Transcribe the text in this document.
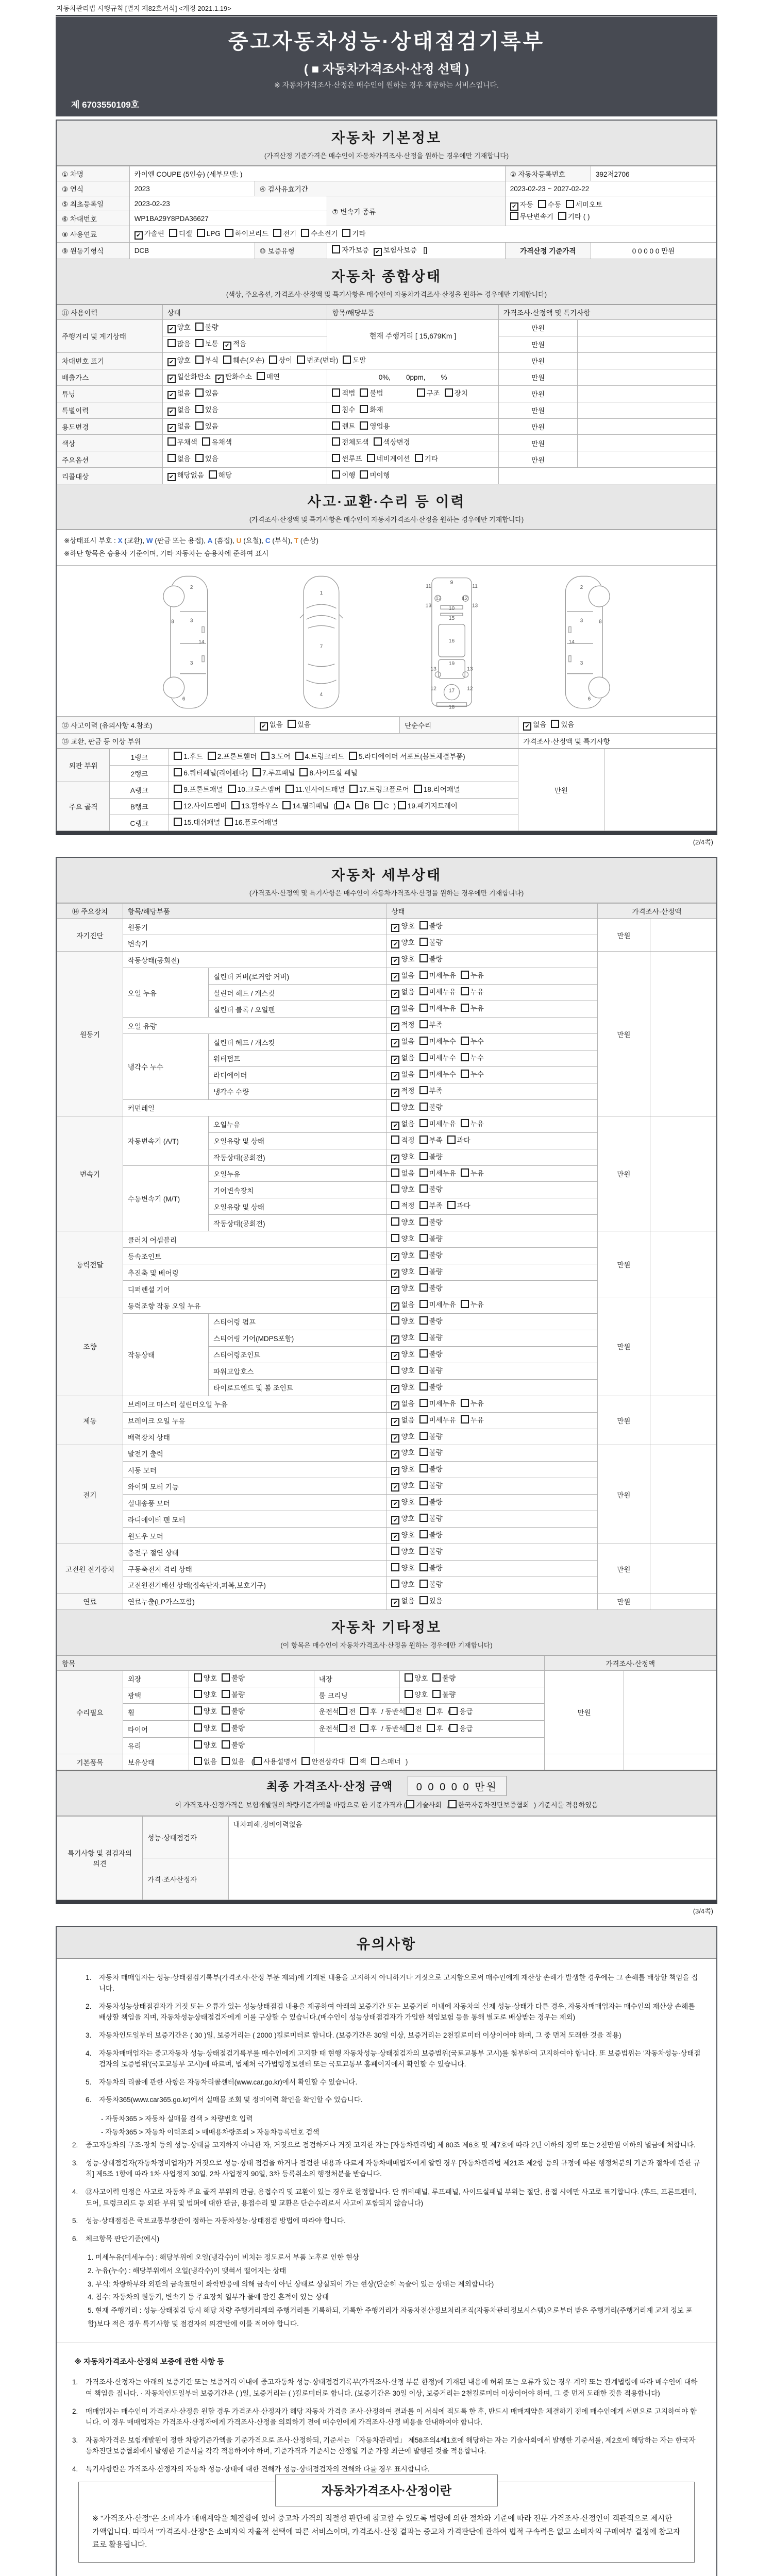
자동차관리법 시행규칙 [별지 제82호서식] <개정 2021.1.19>
중고자동차성능·상태점검기록부
( ■ 자동차가격조사·산정 선택 )
※ 자동차가격조사·산정은 매수인이 원하는 경우 제공하는 서비스입니다.
제 6703550109호
자동차 기본정보
(가격산정 기준가격은 매수인이 자동차가격조사·산정을 원하는 경우에만 기재합니다)
① 차명	카이엔 COUPE (5인승) (세부모델: )			② 자동차등록번호	392저2706
③ 연식	2023	④ 검사유효기간		2023-02-23 ~ 2027-02-22	
⑤ 최초등록일	2023-02-23		⑦ 변속기 종류	✔ 자동 수동 세미오토
무단변속기 기타 ( )	
⑥ 차대번호	WP1BA29Y8PDA36627				
⑧ 사용연료	✔ 가솔린 디젤 LPG 하이브리드 전기 수소전기 기타				
⑨ 원동기형식	DCB	⑩ 보증유형	자가보증 ✔ 보험사보증 []	가격산정 기준가격	0 0 0 0 0 만원
자동차 종합상태
(색상, 주요옵션, 가격조사·산정액 및 특기사항은 매수인이 자동차가격조사·산정을 원하는 경우에만 기재합니다)
⑪ 사용이력	상태	항목/해당부품	가격조사·산정액 및 특기사항	
주행거리 및 계기상태	✔ 양호 불량	현재 주행거리 [ 15,679Km ]	만원	
	많음 보통 ✔ 적음		만원	
차대번호 표기	✔ 양호 부식 훼손(오손) 상이 변조(변타) 도말		만원	
배출가스	✔ 일산화탄소 ✔ 탄화수소 매연	0%,        0ppm,        %	만원	
튜닝	✔ 없음 있음	적법 불법 구조 장치	만원	
특별이력	✔ 없음 있음	침수 화재	만원	
용도변경	✔ 없음 있음	렌트 영업용	만원	
색상	무채색 유채색	전체도색 색상변경	만원	
주요옵션	없음 있음	썬루프 네비게이션 기타	만원	
리콜대상	✔ 해당없음 해당	이행 미이행		
사고·교환·수리 등 이력
(가격조사·산정액 및 특기사항은 매수인이 자동차가격조사·산정을 원하는 경우에만 기재합니다)
※상태표시 부호 : X (교환), W (판금 또는 용접), A (흠집), U (요철), C (부식), T (손상)
※하단 항목은 승용차 기준이며, 기타 자동차는 승용차에 준하여 표시
2
8 3
14
3
6
1
7
4
9
11	11
12 12
13	13
10
15
16
19
13	13
12	12
17
18
2
8
3
14
3
6
⑫ 사고이력 (유의사항 4.참조)	✔ 없음 있음	단순수리	✔ 없음 있음
⑬ 교환, 판금 등 이상 부위			가격조사·산정액 및 특기사항
외판 부위	1랭크	1.후드 2.프론트휀더 3.도어 4.트렁크리드 5.라디에이터 서포트(볼트체결부품)	만원	
	2랭크	6.쿼터패널(리어휀다) 7.루프패널 8.사이드실 패널		
주요 골격	A랭크	9.프론트패널 10.크로스멤버 11.인사이드패널 17.트렁크플로어 18.리어패널		
	B랭크	12.사이드멤버 13.휠하우스 14.필러패널 ( A B C ) 19.패키지트레이		
	C랭크	15.대쉬패널 16.플로어패널		
(2/4쪽)
자동차 세부상태
(가격조사·산정액 및 특기사항은 매수인이 자동차가격조사·산정을 원하는 경우에만 기재합니다)
⑭ 주요장치	항목/해당부품		상태	가격조사·산정액	
자기진단	원동기		✔ 양호 불량	만원	
	변속기		✔ 양호 불량		
원동기	작동상태(공회전)		✔ 양호 불량	만원	
	오일 누유	실린더 커버(로커암 커버)	✔ 없음 미세누유 누유		
		실린더 헤드 / 개스킷	✔ 없음 미세누유 누유		
		실린더 블록 / 오일팬	✔ 없음 미세누유 누유		
	오일 유량		✔ 적정 부족		
	냉각수 누수	실린더 헤드 / 개스킷	✔ 없음 미세누수 누수		
		워터펌프	✔ 없음 미세누수 누수		
		라디에이터	✔ 없음 미세누수 누수		
		냉각수 수량	✔ 적정 부족		
	커먼레일		양호 불량		
변속기	자동변속기 (A/T)	오일누유	✔ 없음 미세누유 누유	만원	
		오일유량 및 상태	적정 부족 과다		
		작동상태(공회전)	✔ 양호 불량		
	수동변속기 (M/T)	오일누유	없음 미세누유 누유		
		기어변속장치	양호 불량		
		오일유량 및 상태	적정 부족 과다		
		작동상태(공회전)	양호 불량		
동력전달	클러치 어셈블리		양호 불량	만원	
	등속조인트		✔ 양호 불량		
	추진축 및 베어링		✔ 양호 불량		
	디퍼렌셜 기어		✔ 양호 불량		
조향	동력조향 작동 오일 누유		✔ 없음 미세누유 누유	만원	
	작동상태	스티어링 펌프	양호 불량		
		스티어링 기어(MDPS포함)	✔ 양호 불량		
		스티어링조인트	✔ 양호 불량		
		파워고압호스	양호 불량		
		타이로드엔드 및 볼 조인트	✔ 양호 불량		
제동	브레이크 마스터 실린더오일 누유		✔ 없음 미세누유 누유	만원	
	브레이크 오일 누유		✔ 없음 미세누유 누유		
	배력장치 상태		✔ 양호 불량		
전기	발전기 출력		✔ 양호 불량	만원	
	시동 모터		✔ 양호 불량		
	와이퍼 모터 기능		✔ 양호 불량		
	실내송풍 모터		✔ 양호 불량		
	라디에이터 팬 모터		✔ 양호 불량		
	윈도우 모터		✔ 양호 불량		
고전원 전기장치	충전구 절연 상태		양호 불량	만원	
	구동축전지 격리 상태		양호 불량		
	고전원전기배선 상태(접속단자,피복,보호기구)		양호 불량		
연료	연료누출(LP가스포함)		✔ 없음 있음	만원	
자동차 기타정보
(이 항목은 매수인이 자동차가격조사·산정을 원하는 경우에만 기재합니다)
항목					가격조사·산정액	
수리필요	외장	양호 불량	내장	양호 불량	만원	
	광택	양호 불량	룸 크리닝	양호 불량		
	휠	양호 불량	운전석 전 후 / 동반석 전 후 / 응급			
	타이어	양호 불량	운전석 전 후 / 동반석 전 후 / 응급			
	유리	양호 불량				
기본품목	보유상태	없음 있음 ( 사용설명서 안전삼각대 잭 스패너 )				
최종 가격조사·산정 금액 0 0 0 0 0 만원
이 가격조사·산정가격은 보험개발원의 차량기준가액을 바탕으로 한 기준가격과 ( 기술사회 , 한국자동차진단보증협회 ) 기준서를 적용하였음
특기사항 및 점검자의 의견	성능·상태점검자	내차피해,정비이력없음
	가격·조사산정자	
(3/4쪽)
유의사항
1.	자동차 매매업자는 성능·상태점검기록부(가격조사·산정 부분 제외)에 기재된 내용을 고지하지 아니하거나 거짓으로 고지함으로써 매수인에게 재산상 손해가 발생한 경우에는 그 손해를 배상할 책임을 집니다.
2.	자동차성능상태점검자가 거짓 또는 오류가 있는 성능상태점검 내용을 제공하여 아래의 보증기간 또는 보증거리 이내에 자동차의 실제 성능·상태가 다른 경우, 자동차매매업자는 매수인의 재산상 손해를 배상할 책임을 지며, 자동차성능상태점검자에게 이를 구상할 수 있습니다.(매수인이 성능상태점검자가 가입한 책임보험 등을 통해 별도로 배상받는 경우는 제외)
3.	자동차인도일부터 보증기간은 ( 30 )일, 보증거리는 ( 2000 )킬로미터로 합니다. (보증기간은 30일 이상, 보증거리는 2천킬로미터 이상이어야 하며, 그 중 먼저 도래한 것을 적용)
4.	자동차매매업자는 중고자동차 성능·상태점검기록부를 매수인에게 고지할 때 현행 자동차성능·상태점검자의 보증범위(국토교통부 고시)를 첨부하여 고지하여야 합니다. 또 보증범위는 '자동차성능·상태점검자의 보증범위'(국토교통부 고시)에 따르며, 법제처 국가법령정보센터 또는 국토교통부 홈페이지에서 확인할 수 있습니다.
5.	자동차의 리콜에 관한 사항은 자동차리콜센터(www.car.go.kr)에서 확인할 수 있습니다.
6.	자동차365(www.car365.go.kr)에서 실매물 조회 및 정비이력 확인을 확인할 수 있습니다.
- 자동차365 > 자동차 실매물 검색 > 차량번호 입력
- 자동차365 > 자동차 이력조회 > 매매용차량조회 > 자동차등록번호 검색
2.	중고자동차의 구조·장치 등의 성능·상태를 고지하지 아니한 자, 거짓으로 점검하거나 거짓 고지한 자는 [자동차관리법] 제 80조 제6호 및 제7호에 따라 2년 이하의 징역 또는 2천만원 이하의 벌금에 처합니다.
3.	성능·상태점검자(자동차정비업자)가 거짓으로 성능·상태 점검을 하거나 점검한 내용과 다르게 자동차매매업자에게 알린 경우 [자동차관리법 제21조 제2항 등의 규정에 따른 행정처분의 기준과 절차에 관한 규칙] 제5조 1항에 따라 1차 사업정지 30일, 2차 사업정지 90일, 3차 등록취소의 행정처분을 받습니다.
4.	⑫사고이력 인정은 사고로 자동차 주요 골격 부위의 판금, 용접수리 및 교환이 있는 경우로 한정합니다. 단 쿼터패널, 루프패널, 사이드실패널 부위는 절단, 용접 시에만 사고로 표기합니다. (후드, 프론트펜더, 도어, 트렁크리드 등 외판 부위 및 범퍼에 대한 판금, 용접수리 및 교환은 단순수리로서 사고에 포함되지 않습니다)
5.	성능·상태점검은 국토교통부장관이 정하는 자동차성능·상태점검 방법에 따라야 합니다.
6.	체크항목 판단기준(예시)
1. 미세누유(미세누수) : 해당부위에 오일(냉각수)이 비치는 정도로서 부품 노후로 인한 현상
2. 누유(누수) : 해당부위에서 오일(냉각수)이 맺혀서 떨어지는 상태
3. 부식: 차량하부와 외판의 금속표면이 화학반응에 의해 금속이 아닌 상태로 상실되어 가는 현상(단순히 녹슬어 있는 상태는 제외합니다)
4. 침수: 자동차의 원동기, 변속기 등 주요장치 일부가 물에 잠긴 흔적이 있는 상태
5. 현재 주행거리 : 성능·상태점검 당시 해당 차량 주행거리계의 주행거리를 기록하되, 기록한 주행거리가 자동차전산정보처리조직(자동차관리정보시스템)으로부터 받은 주행거리(주행거리계 교체 정보 포함)보다 적은 경우 특기사항 및 점검자의 의견'란에 이를 적어야 합니다.
※ 자동차가격조사·산정의 보증에 관한 사항 등
1.	가격조사·산정자는 아래의 보증기간 또는 보증거리 이내에 중고자동차 성능·상태점검기록부(가격조사·산정 부분 한정)에 기재된 내용에 허위 또는 오류가 있는 경우 계약 또는 관계법령에 따라 매수인에 대하여 책임을 집니다. · 자동차인도일부터 보증기간은 ( )일, 보증거리는 ( )킬로미터로 합니다. (보증기간은 30일 이상, 보증거리는 2천킬로미터 이상이어야 하며, 그 중 먼저 도래한 것을 적용합니다)
2.	매매업자는 매수인이 가격조사·산정을 원할 경우 가격조사·산정자가 해당 자동차 가격을 조사·산정하여 결과를 이 서식에 적도록 한 후, 반드시 매매계약을 체결하기 전에 매수인에게 서면으로 고지하여야 합니다. 이 경우 매매업자는 가격조사·산정자에게 가격조사·산정을 의뢰하기 전에 매수인에게 가격조사·산정 비용을 안내하여야 합니다.
3.	자동차가격은 보험개발원이 정한 차량기준가액을 기준가격으로 조사·산정하되, 기준서는 「자동차관리법」 제58조의4제1호에 해당하는 자는 기술사회에서 발행한 기준서를, 제2호에 해당하는 자는 한국자동차진단보증협회에서 발행한 기준서를 각각 적용하여야 하며, 기준가격과 기준서는 산정일 기준 가장 최근에 발행된 것을 적용합니다.
4.	특기사항란은 가격조사·산정자의 자동차 성능·상태에 대한 견해가 성능·상태점검자의 견해와 다를 경우 표시합니다.
자동차가격조사·산정이란
※ "가격조사·산정"은 소비자가 매매계약을 체결함에 있어 중고차 가격의 적절성 판단에 참고할 수 있도록 법령에 의한 절차와 기준에 따라 전문 가격조사·산정인이 객관적으로 제시한 가액입니다. 따라서 "가격조사·산정"은 소비자의 자율적 선택에 따른 서비스이며, 가격조사·산정 결과는 중고차 가격판단에 관하여 법적 구속력은 없고 소비자의 구매여부 결정에 참고자료로 활용됩니다.
